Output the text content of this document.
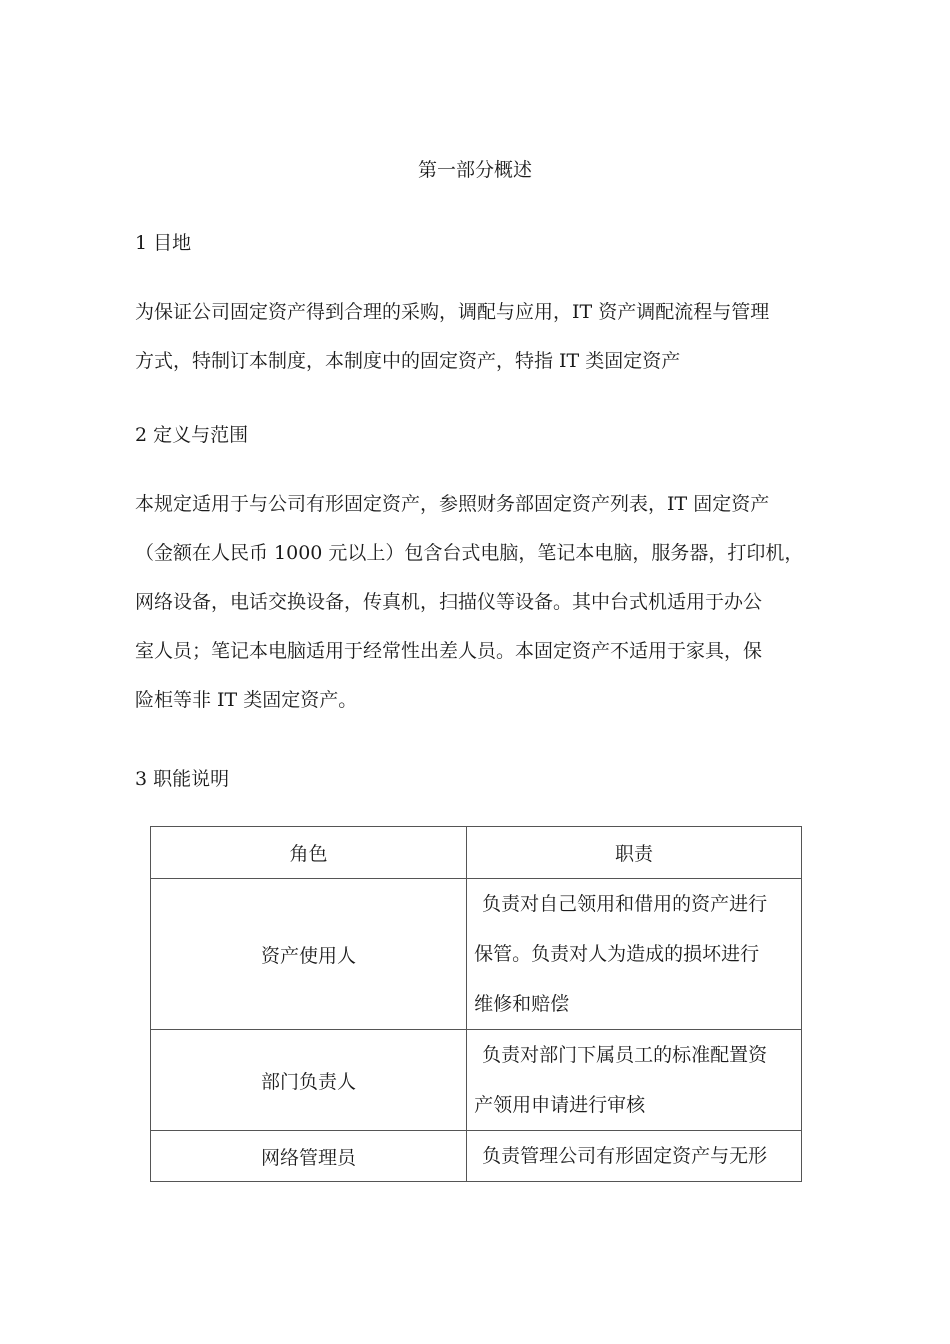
第一部分概述
1 目地

为保证公司固定资产得到合理的采购，调配与应用，IT 资产调配流程与管理

方式，特制订本制度，本制度中的固定资产，特指 IT 类固定资产

2 定义与范围

本规定适用于与公司有形固定资产，参照财务部固定资产列表，IT 固定资产

（金额在人民币 1000 元以上）包含台式电脑，笔记本电脑，服务器，打印机，

网络设备，电话交换设备，传真机，扫描仪等设备。其中台式机适用于办公

室人员；笔记本电脑适用于经常性出差人员。本固定资产不适用于家具，保

险柜等非 IT 类固定资产。

3 职能说明
角色	职责
资产使用人	负责对自己领用和借用的资产进行

保管。负责对人为造成的损坏进行

维修和赔偿

部门负责人	负责对部门下属员工的标准配置资

产领用申请进行审核

网络管理员	负责管理公司有形固定资产与无形
